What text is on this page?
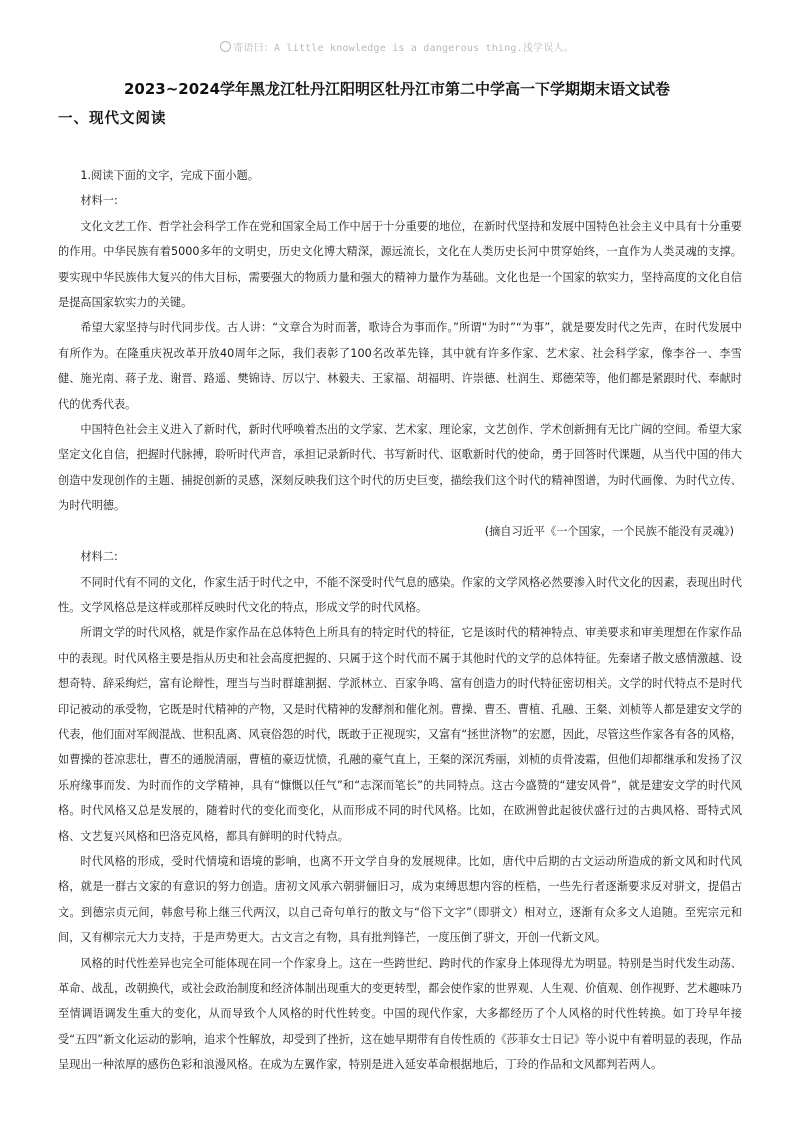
寄语曰：A little knowledge is a dangerous thing.浅学误人。
2023~2024学年黑龙江牡丹江阳明区牡丹江市第二中学高一下学期期末语文试卷
一、现代文阅读

1.阅读下面的文字，完成下面小题。

材料一:

文化文艺工作、哲学社会科学工作在党和国家全局工作中居于十分重要的地位，在新时代坚持和发展中国特色社会主义中具有十分重要的作用。中华民族有着5000多年的文明史，历史文化博大精深，源远流长，文化在人类历史长河中贯穿始终，一直作为人类灵魂的支撑。要实现中华民族伟大复兴的伟大目标，需要强大的物质力量和强大的精神力量作为基础。文化也是一个国家的软实力，坚持高度的文化自信是提高国家软实力的关键。

希望大家坚持与时代同步伐。古人讲：“文章合为时而著，歌诗合为事而作。”所谓“为时”“为事”，就是要发时代之先声，在时代发展中有所作为。在隆重庆祝改革开放40周年之际，我们表彰了100名改革先锋，其中就有许多作家、艺术家、社会科学家，像李谷一、李雪健、施光南、蒋子龙、谢晋、路遥、樊锦诗、厉以宁、林毅夫、王家福、胡福明、许崇德、杜润生、郑德荣等，他们都是紧跟时代、奉献时代的优秀代表。

中国特色社会主义进入了新时代，新时代呼唤着杰出的文学家、艺术家、理论家，文艺创作、学术创新拥有无比广阔的空间。希望大家坚定文化自信，把握时代脉搏，聆听时代声音，承担记录新时代、书写新时代、讴歌新时代的使命，勇于回答时代课题，从当代中国的伟大创造中发现创作的主题、捕捉创新的灵感，深刻反映我们这个时代的历史巨变，描绘我们这个时代的精神图谱，为时代画像、为时代立传、为时代明德。

(摘自习近平《一个国家，一个民族不能没有灵魂》)

材料二:

不同时代有不同的文化，作家生活于时代之中，不能不深受时代气息的感染。作家的文学风格必然要渗入时代文化的因素，表现出时代性。文学风格总是这样或那样反映时代文化的特点，形成文学的时代风格。

所谓文学的时代风格，就是作家作品在总体特色上所具有的特定时代的特征，它是该时代的精神特点、审美要求和审美理想在作家作品中的表现。时代风格主要是指从历史和社会高度把握的、只属于这个时代而不属于其他时代的文学的总体特征。先秦诸子散文感情激越、设想奇特、辞采绚烂，富有论辩性，理当与当时群雄割据、学派林立、百家争鸣、富有创造力的时代特征密切相关。文学的时代特点不是时代印记被动的承受物，它既是时代精神的产物，又是时代精神的发酵剂和催化剂。曹操、曹丕、曹植、孔融、王粲、刘桢等人都是建安文学的代表，他们面对军阀混战、世积乱离、风衰俗怨的时代，既敢于正视现实，又富有“拯世济物”的宏愿，因此，尽管这些作家各有各的风格，如曹操的苍凉悲壮，曹丕的通脱清丽，曹植的豪迈忧愤，孔融的豪气直上，王粲的深沉秀丽，刘桢的贞骨凌霜，但他们却都继承和发扬了汉乐府缘事而发、为时而作的文学精神，具有“慷慨以任气”和“志深而笔长”的共同特点。这古今盛赞的“建安风骨”，就是建安文学的时代风格。时代风格又总是发展的，随着时代的变化而变化，从而形成不同的时代风格。比如，在欧洲曾此起彼伏盛行过的古典风格、哥特式风格、文艺复兴风格和巴洛克风格，都具有鲜明的时代特点。

时代风格的形成，受时代情境和语境的影响，也离不开文学自身的发展规律。比如，唐代中后期的古文运动所造成的新文风和时代风格，就是一群古文家的有意识的努力创造。唐初文风承六朝骈俪旧习，成为束缚思想内容的桎梏，一些先行者逐渐要求反对骈文，提倡古文。到德宗贞元间，韩愈号称上继三代两汉，以自己奇句单行的散文与“俗下文字”（即骈文）相对立，逐渐有众多文人追随。至宪宗元和间，又有柳宗元大力支持，于是声势更大。古文言之有物，具有批判锋芒，一度压倒了骈文，开创一代新文风。

风格的时代性差异也完全可能体现在同一个作家身上。这在一些跨世纪、跨时代的作家身上体现得尤为明显。特别是当时代发生动荡、革命、战乱，改朝换代，或社会政治制度和经济体制出现重大的变更转型，都会使作家的世界观、人生观、价值观、创作视野、艺术趣味乃至情调语调发生重大的变化，从而导致个人风格的时代性转变。中国的现代作家，大多都经历了个人风格的时代性转换。如丁玲早年接受“五四”新文化运动的影响，追求个性解放，却受到了挫折，这在她早期带有自传性质的《莎菲女士日记》等小说中有着明显的表现，作品呈现出一种浓厚的感伤色彩和浪漫风格。在成为左翼作家，特别是进入延安革命根据地后，丁玲的作品和文风都判若两人。
